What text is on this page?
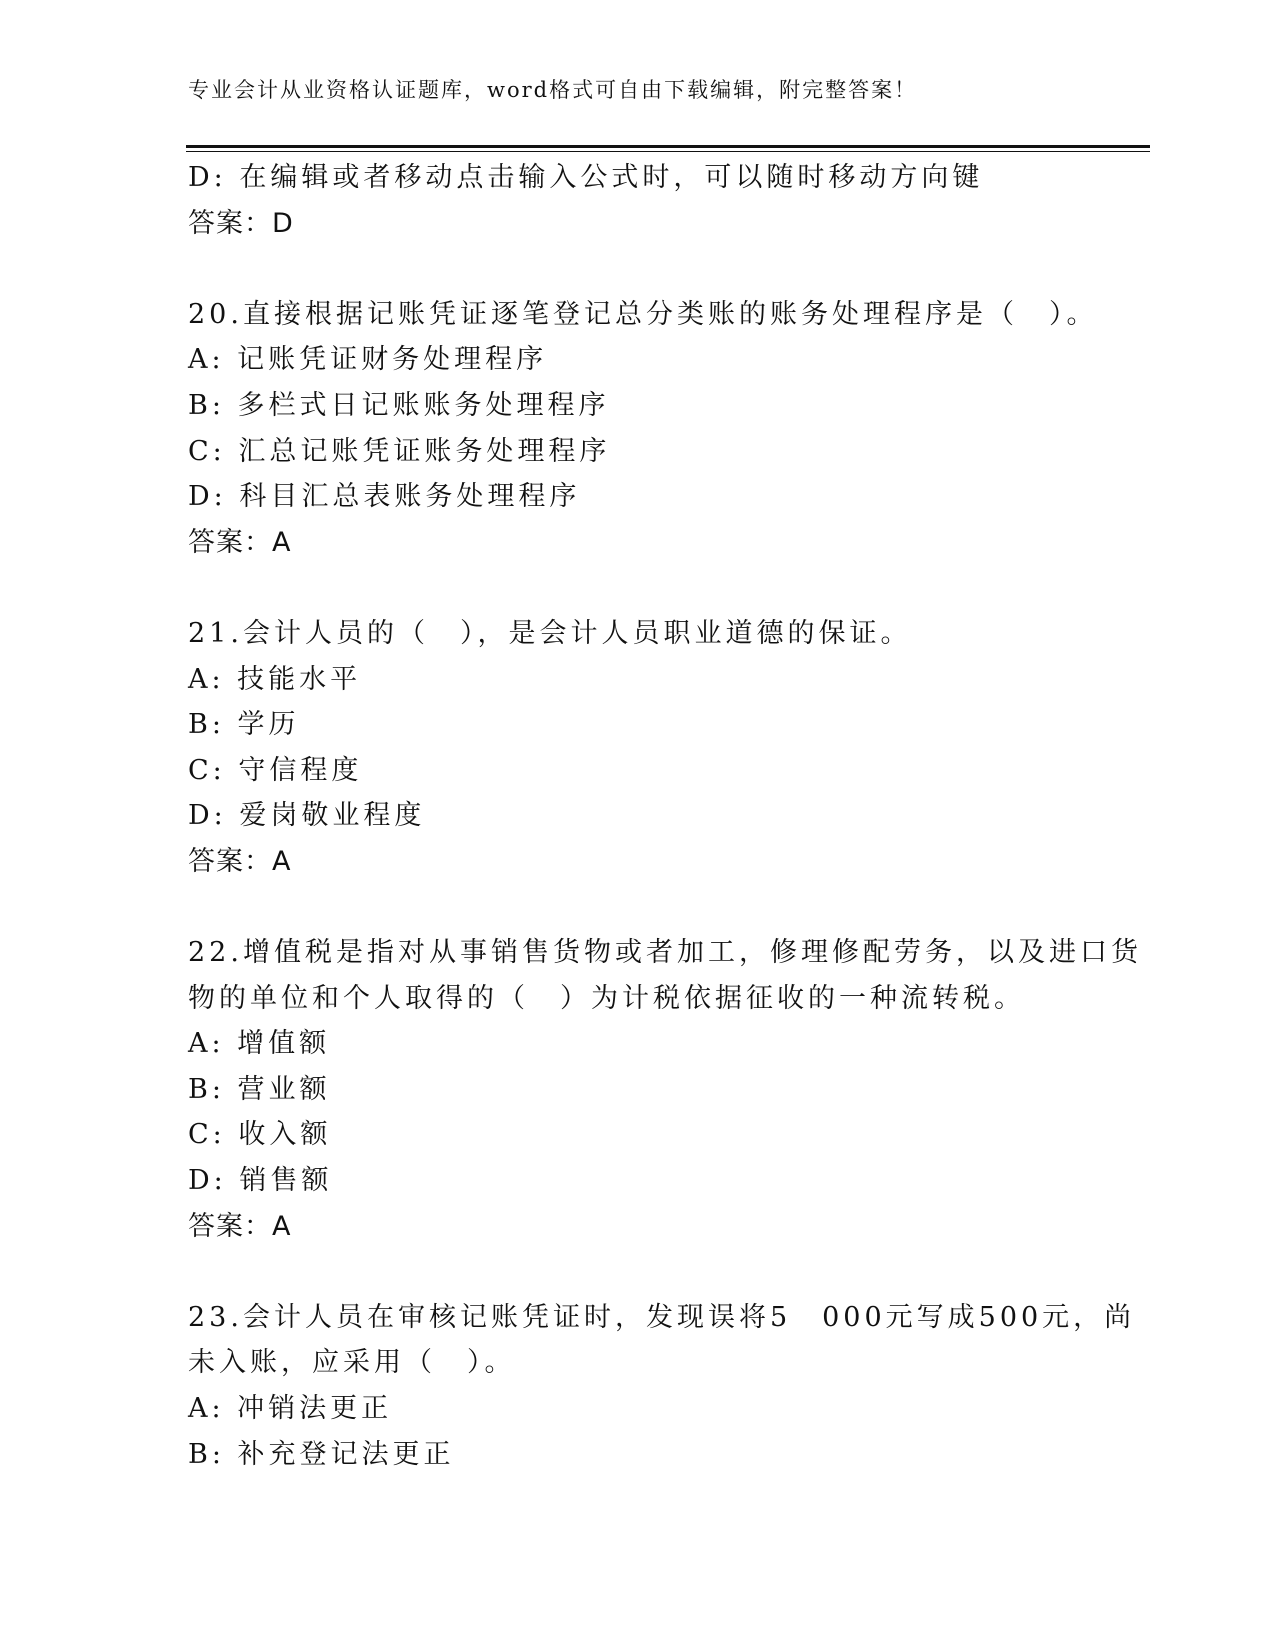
专业会计从业资格认证题库，word格式可自由下载编辑，附完整答案！
D: 在编辑或者移动点击输入公式时，可以随时移动方向键
答案：D
20.直接根据记账凭证逐笔登记总分类账的账务处理程序是（　）。
A: 记账凭证财务处理程序
B: 多栏式日记账账务处理程序
C: 汇总记账凭证账务处理程序
D: 科目汇总表账务处理程序
答案：A
21.会计人员的（　），是会计人员职业道德的保证。
A: 技能水平
B: 学历
C: 守信程度
D: 爱岗敬业程度
答案：A
22.增值税是指对从事销售货物或者加工，修理修配劳务，以及进口货
物的单位和个人取得的（　）为计税依据征收的一种流转税。
A: 增值额
B: 营业额
C: 收入额
D: 销售额
答案：A
23.会计人员在审核记账凭证时，发现误将5　000元写成500元，尚
未入账，应采用（　）。
A: 冲销法更正
B: 补充登记法更正
